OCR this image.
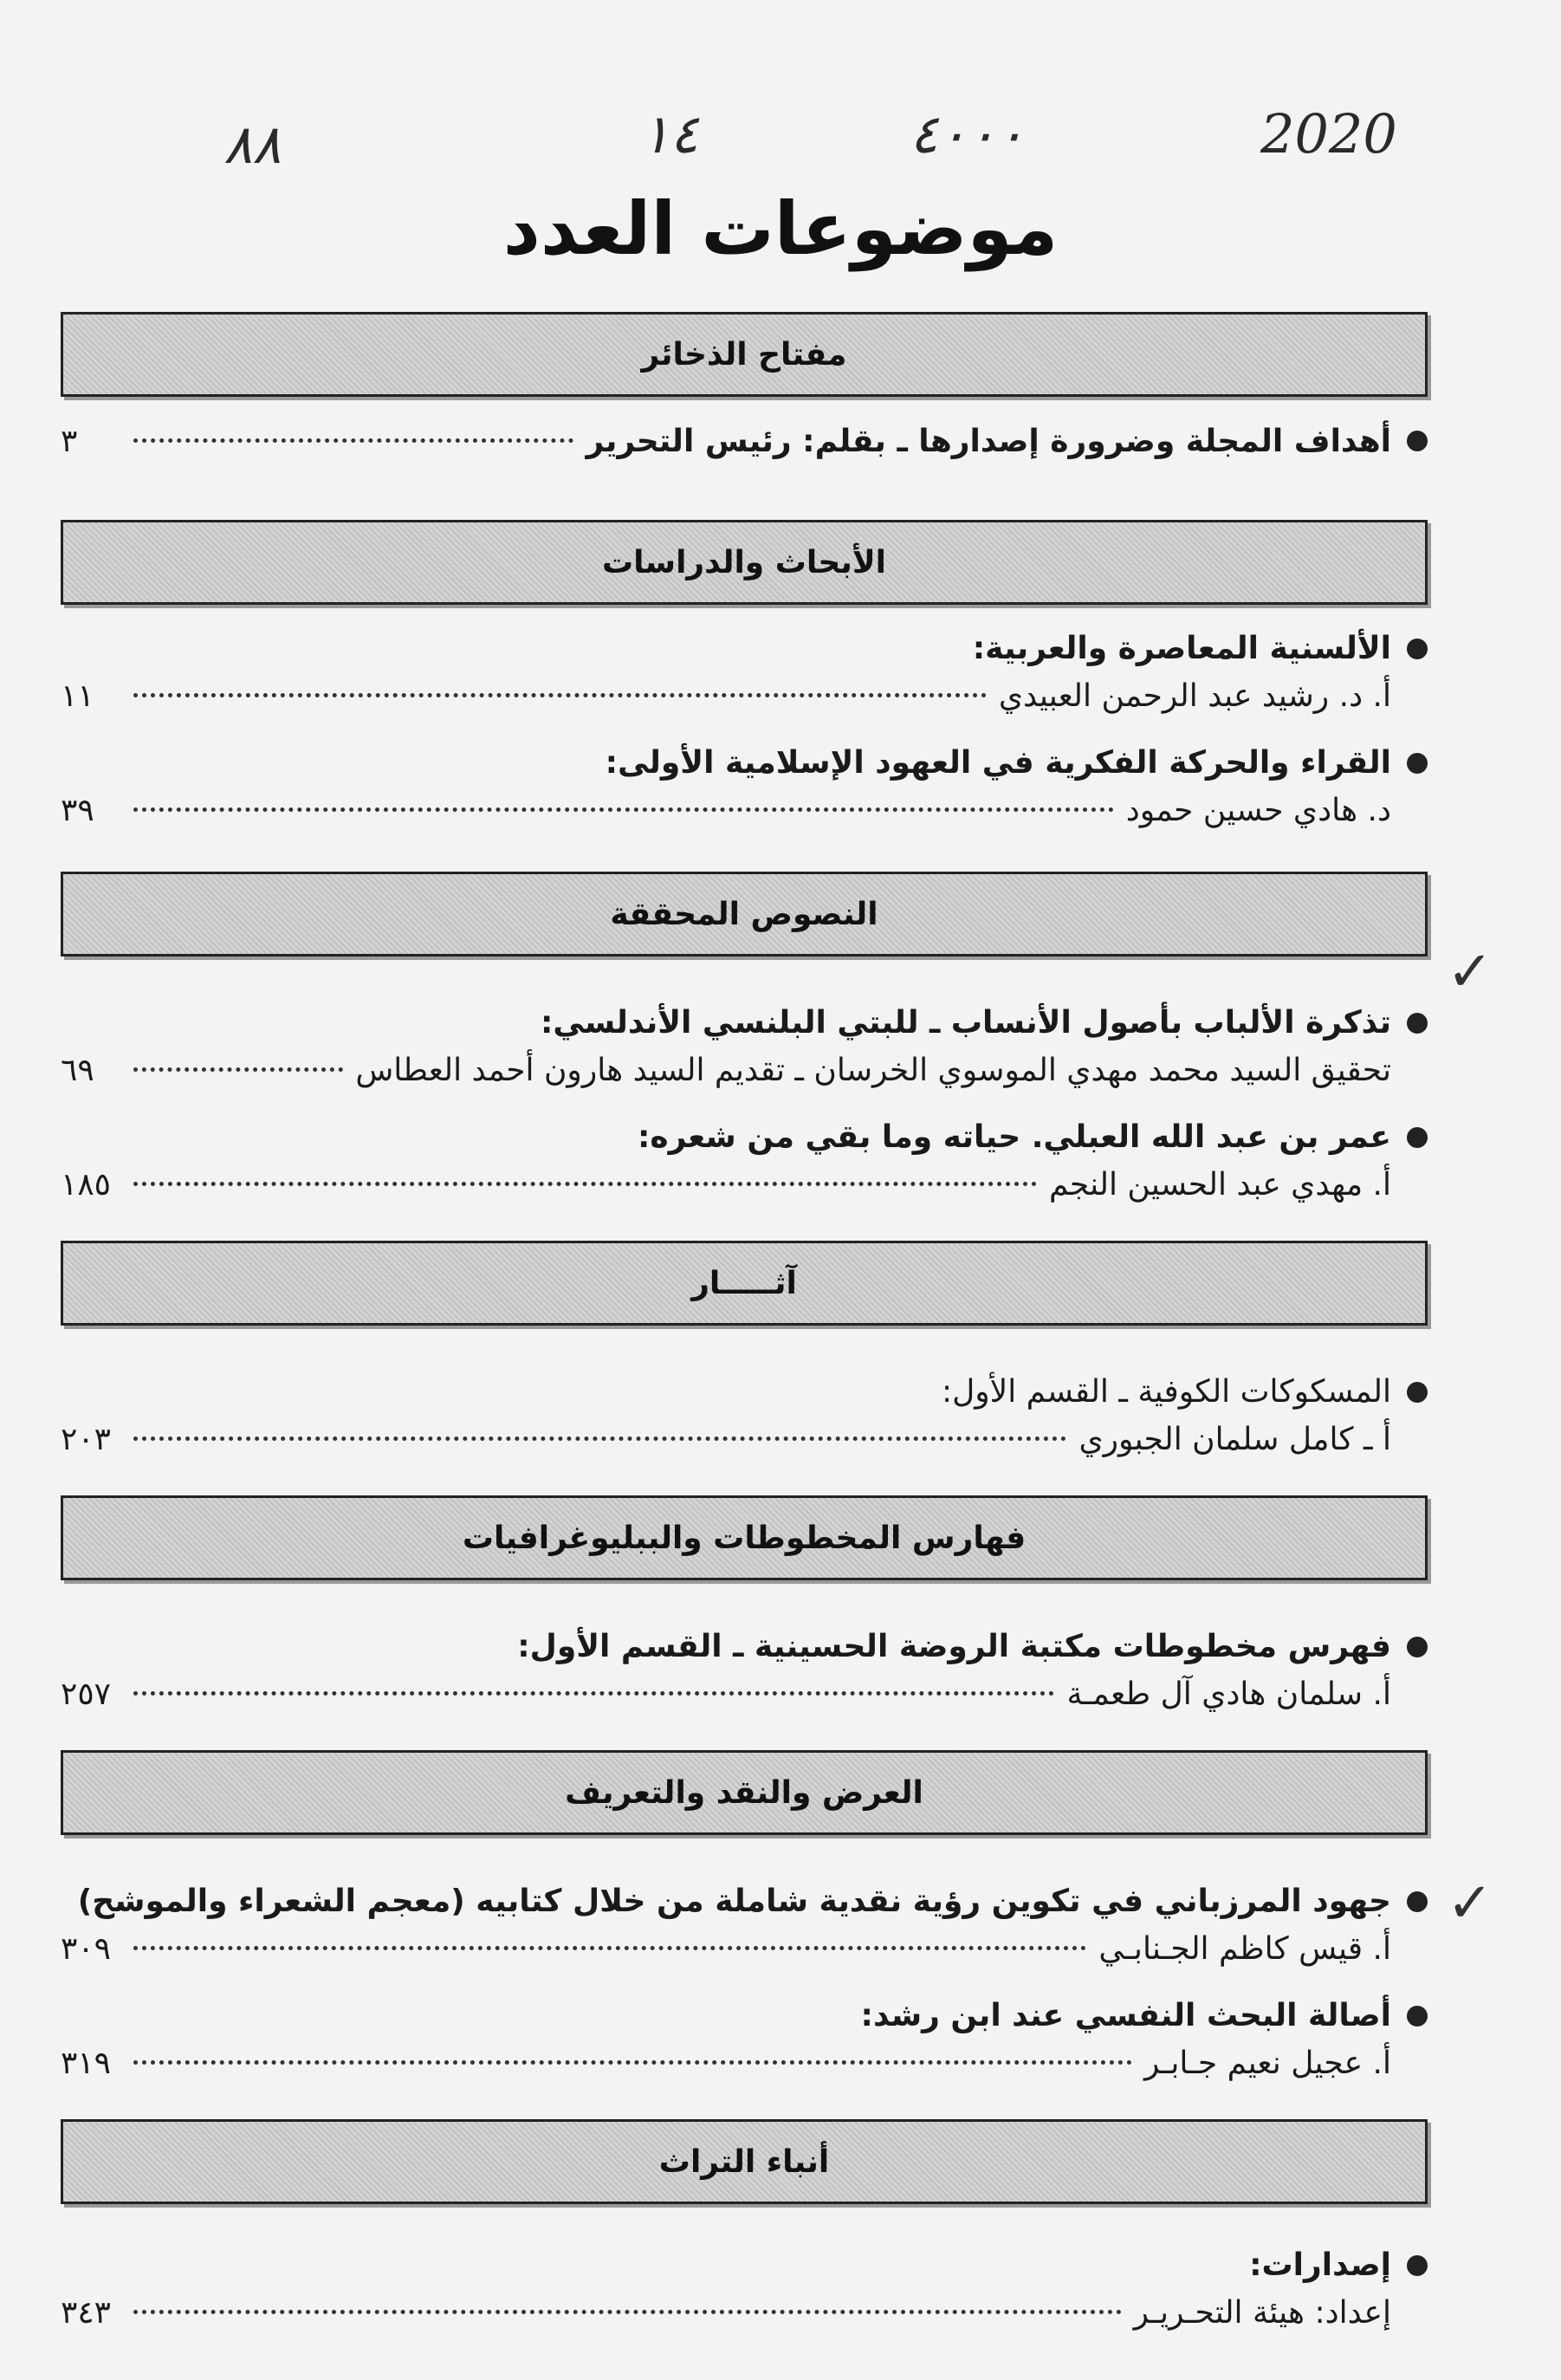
2020
٤٠٠٠
١٤
٨٨
موضوعات العدد
مفتاح الذخائر
أهداف المجلة وضرورة إصدارها ـ بقلم: رئيس التحرير
٣
الأبحاث والدراسات
الألسنية المعاصرة والعربية:
أ. د. رشيد عبد الرحمن العبيدي
١١
القراء والحركة الفكرية في العهود الإسلامية الأولى:
د. هادي حسين حمود
٣٩
النصوص المحققة
تذكرة الألباب بأصول الأنساب ـ للبتي البلنسي الأندلسي:
تحقيق السيد محمد مهدي الموسوي الخرسان ـ تقديم السيد هارون أحمد العطاس
٦٩
عمر بن عبد الله العبلي. حياته وما بقي من شعره:
أ. مهدي عبد الحسين النجم
١٨٥
آثـــــار
المسكوكات الكوفية ـ القسم الأول:
أ ـ كامل سلمان الجبوري
٢٠٣
فهارس المخطوطات والببليوغرافيات
فهرس مخطوطات مكتبة الروضة الحسينية ـ القسم الأول:
أ. سلمان هادي آل طعمـة
٢٥٧
العرض والنقد والتعريف
جهود المرزباني في تكوين رؤية نقدية شاملة من خلال كتابيه (معجم الشعراء والموشح)
أ. قيس كاظم الجـنابـي
٣٠٩
أصالة البحث النفسي عند ابن رشد:
أ. عجيل نعيم جـابـر
٣١٩
أنباء التراث
إصدارات:
إعداد: هيئة التحـريـر
٣٤٣
✓
✓
